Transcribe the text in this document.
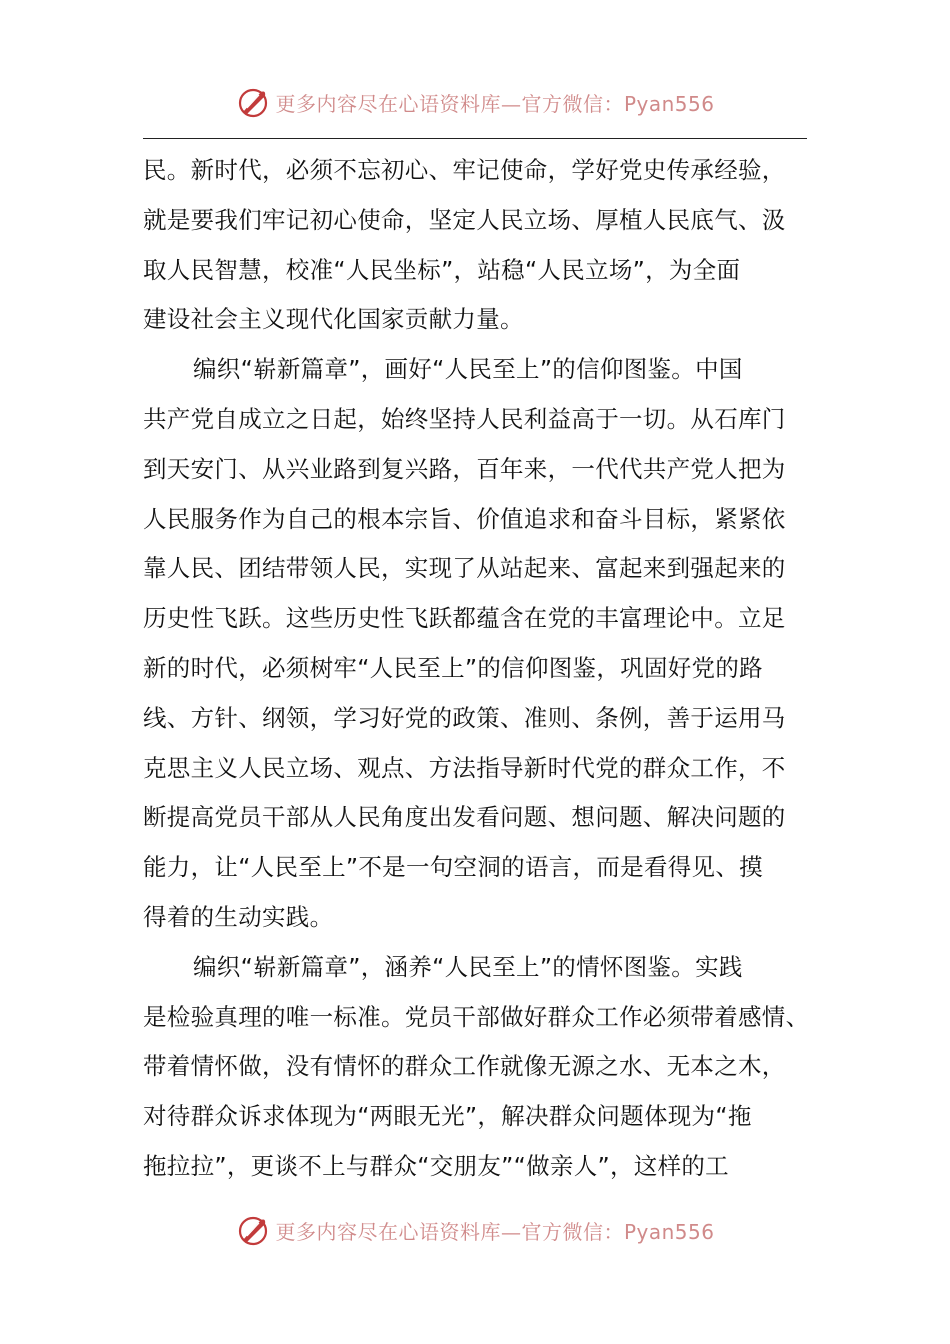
更多内容尽在心语资料库—官方微信：Pyan556
民。新时代，必须不忘初心、牢记使命，学好党史传承经验，
就是要我们牢记初心使命，坚定人民立场、厚植人民底气、汲
取人民智慧，校准“人民坐标”，站稳“人民立场”，为全面
建设社会主义现代化国家贡献力量。
编织“崭新篇章”，画好“人民至上”的信仰图鉴。中国
共产党自成立之日起，始终坚持人民利益高于一切。从石库门
到天安门、从兴业路到复兴路，百年来，一代代共产党人把为
人民服务作为自己的根本宗旨、价值追求和奋斗目标，紧紧依
靠人民、团结带领人民，实现了从站起来、富起来到强起来的
历史性飞跃。这些历史性飞跃都蕴含在党的丰富理论中。立足
新的时代，必须树牢“人民至上”的信仰图鉴，巩固好党的路
线、方针、纲领，学习好党的政策、准则、条例，善于运用马
克思主义人民立场、观点、方法指导新时代党的群众工作，不
断提高党员干部从人民角度出发看问题、想问题、解决问题的
能力，让“人民至上”不是一句空洞的语言，而是看得见、摸
得着的生动实践。
编织“崭新篇章”，涵养“人民至上”的情怀图鉴。实践
是检验真理的唯一标准。党员干部做好群众工作必须带着感情、
带着情怀做，没有情怀的群众工作就像无源之水、无本之木，
对待群众诉求体现为“两眼无光”，解决群众问题体现为“拖
拖拉拉”，更谈不上与群众“交朋友”“做亲人”，这样的工
更多内容尽在心语资料库—官方微信：Pyan556
